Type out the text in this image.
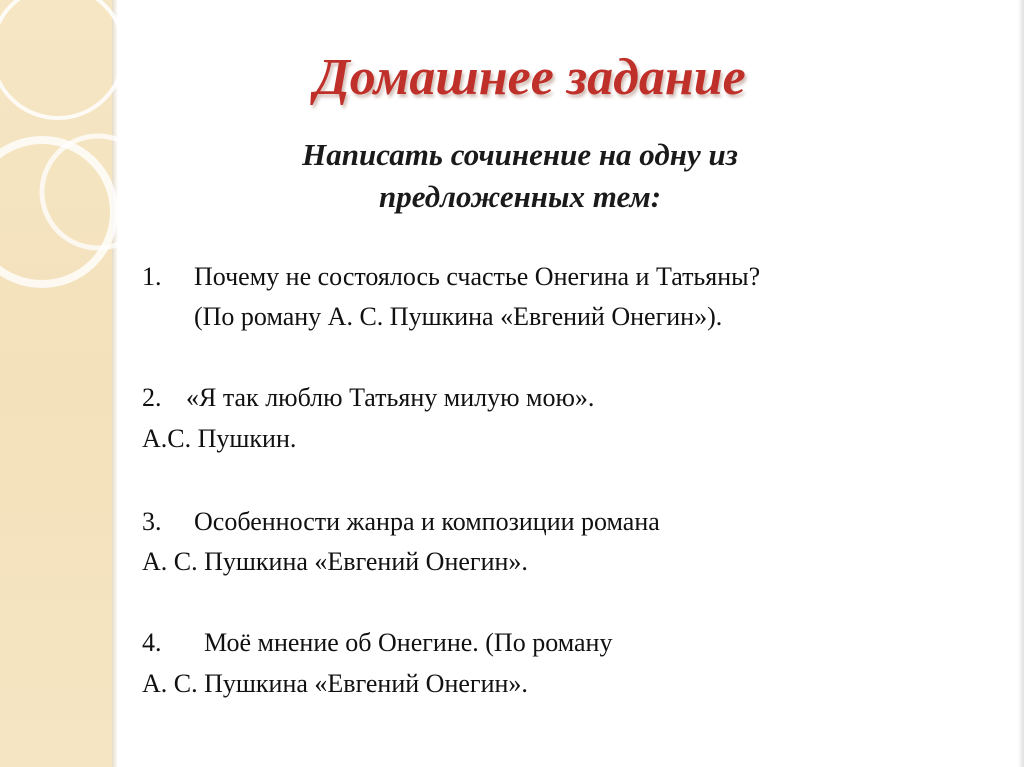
Домашнее задание
Написать сочинение на одну из
предложенных тем:
1. Почему не состоялось счастье Онегина и Татьяны?
(По роману А. С. Пушкина «Евгений Онегин»).
2. «Я так люблю Татьяну милую мою».
А.С. Пушкин.
3. Особенности жанра и композиции романа
А. С. Пушкина «Евгений Онегин».
4. Моё мнение об Онегине. (По роману
А. С. Пушкина «Евгений Онегин».
